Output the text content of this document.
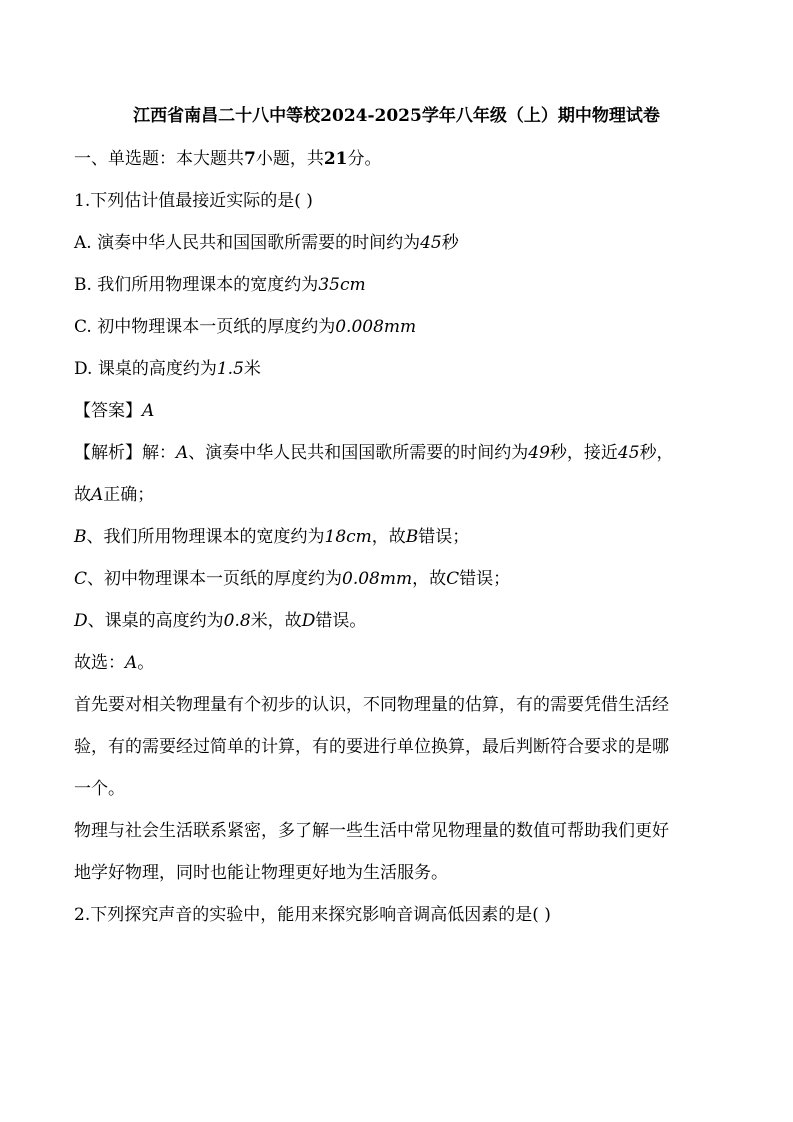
江西省南昌二十八中等校2024-2025学年八年级（上）期中物理试卷
一、单选题：本大题共7小题，共21分。
1.下列估计值最接近实际的是( )
A. 演奏中华人民共和国国歌所需要的时间约为45秒
B. 我们所用物理课本的宽度约为35cm
C. 初中物理课本一页纸的厚度约为0.008mm
D. 课桌的高度约为1.5米
【答案】A
【解析】解：A、演奏中华人民共和国国歌所需要的时间约为49秒，接近45秒，
故A正确；
B、我们所用物理课本的宽度约为18cm，故B错误；
C、初中物理课本一页纸的厚度约为0.08mm，故C错误；
D、课桌的高度约为0.8米，故D错误。
故选：A。
首先要对相关物理量有个初步的认识，不同物理量的估算，有的需要凭借生活经
验，有的需要经过简单的计算，有的要进行单位换算，最后判断符合要求的是哪
一个。
物理与社会生活联系紧密，多了解一些生活中常见物理量的数值可帮助我们更好
地学好物理，同时也能让物理更好地为生活服务。
2.下列探究声音的实验中，能用来探究影响音调高低因素的是( )
